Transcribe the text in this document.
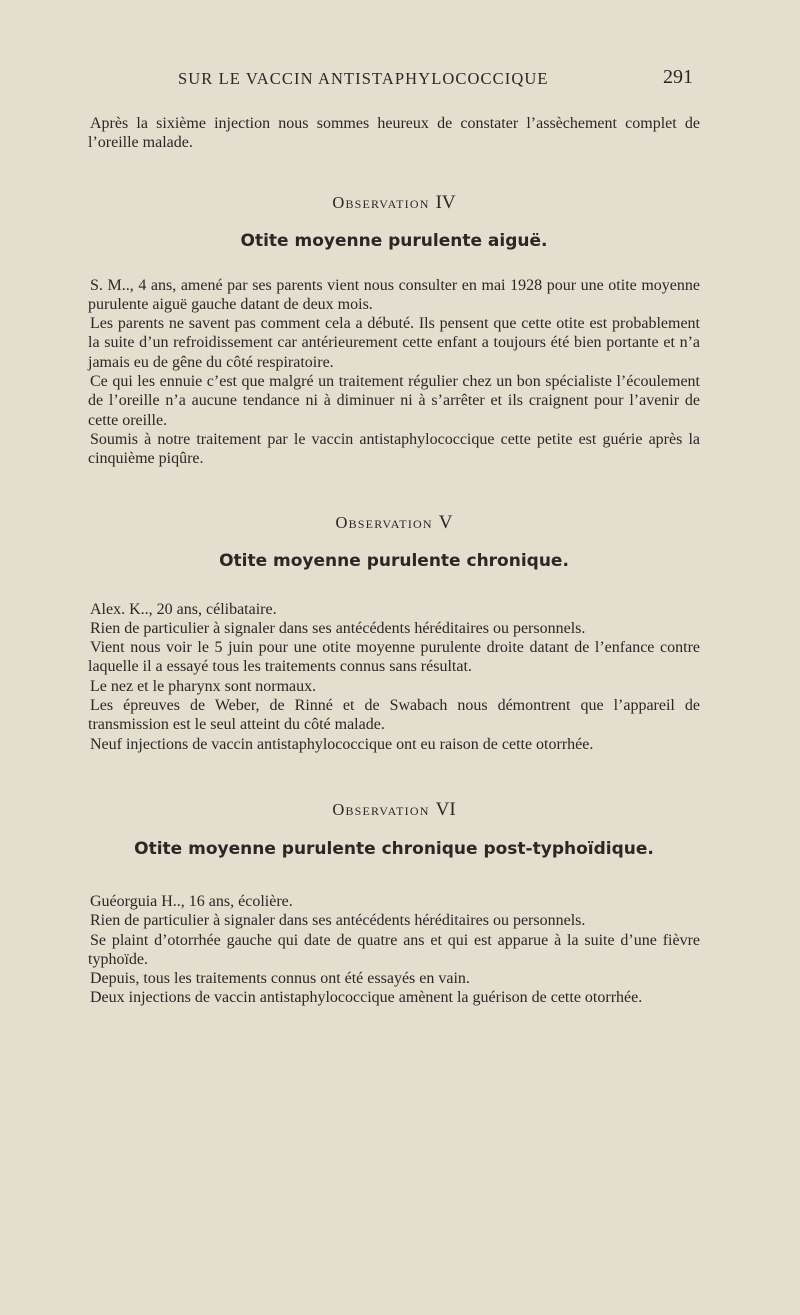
SUR LE VACCIN ANTISTAPHYLOCOCCIQUE	291

Après la sixième injection nous sommes heureux de constater l’assèchement complet de l’oreille malade.

Observation IV

Otite moyenne purulente aiguë.

S. M.., 4 ans, amené par ses parents vient nous consulter en mai 1928 pour une otite moyenne purulente aiguë gauche datant de deux mois.

Les parents ne savent pas comment cela a débuté. Ils pensent que cette otite est probablement la suite d’un refroidissement car antérieurement cette enfant a toujours été bien portante et n’a jamais eu de gêne du côté respiratoire.

Ce qui les ennuie c’est que malgré un traitement régulier chez un bon spécialiste l’écoulement de l’oreille n’a aucune tendance ni à diminuer ni à s’arrêter et ils craignent pour l’avenir de cette oreille.

Soumis à notre traitement par le vaccin antistaphylococcique cette petite est guérie après la cinquième piqûre.

Observation V

Otite moyenne purulente chronique.

Alex. K.., 20 ans, célibataire.

Rien de particulier à signaler dans ses antécédents héréditaires ou personnels.

Vient nous voir le 5 juin pour une otite moyenne purulente droite datant de l’enfance contre laquelle il a essayé tous les traitements connus sans résultat.

Le nez et le pharynx sont normaux.

Les épreuves de Weber, de Rinné et de Swabach nous démontrent que l’appareil de transmission est le seul atteint du côté malade.

Neuf injections de vaccin antistaphylococcique ont eu raison de cette otorrhée.

Observation VI

Otite moyenne purulente chronique post-typhoïdique.

Guéorguia H.., 16 ans, écolière.

Rien de particulier à signaler dans ses antécédents héréditaires ou personnels.

Se plaint d’otorrhée gauche qui date de quatre ans et qui est apparue à la suite d’une fièvre typhoïde.

Depuis, tous les traitements connus ont été essayés en vain.

Deux injections de vaccin antistaphylococcique amènent la guérison de cette otorrhée.
